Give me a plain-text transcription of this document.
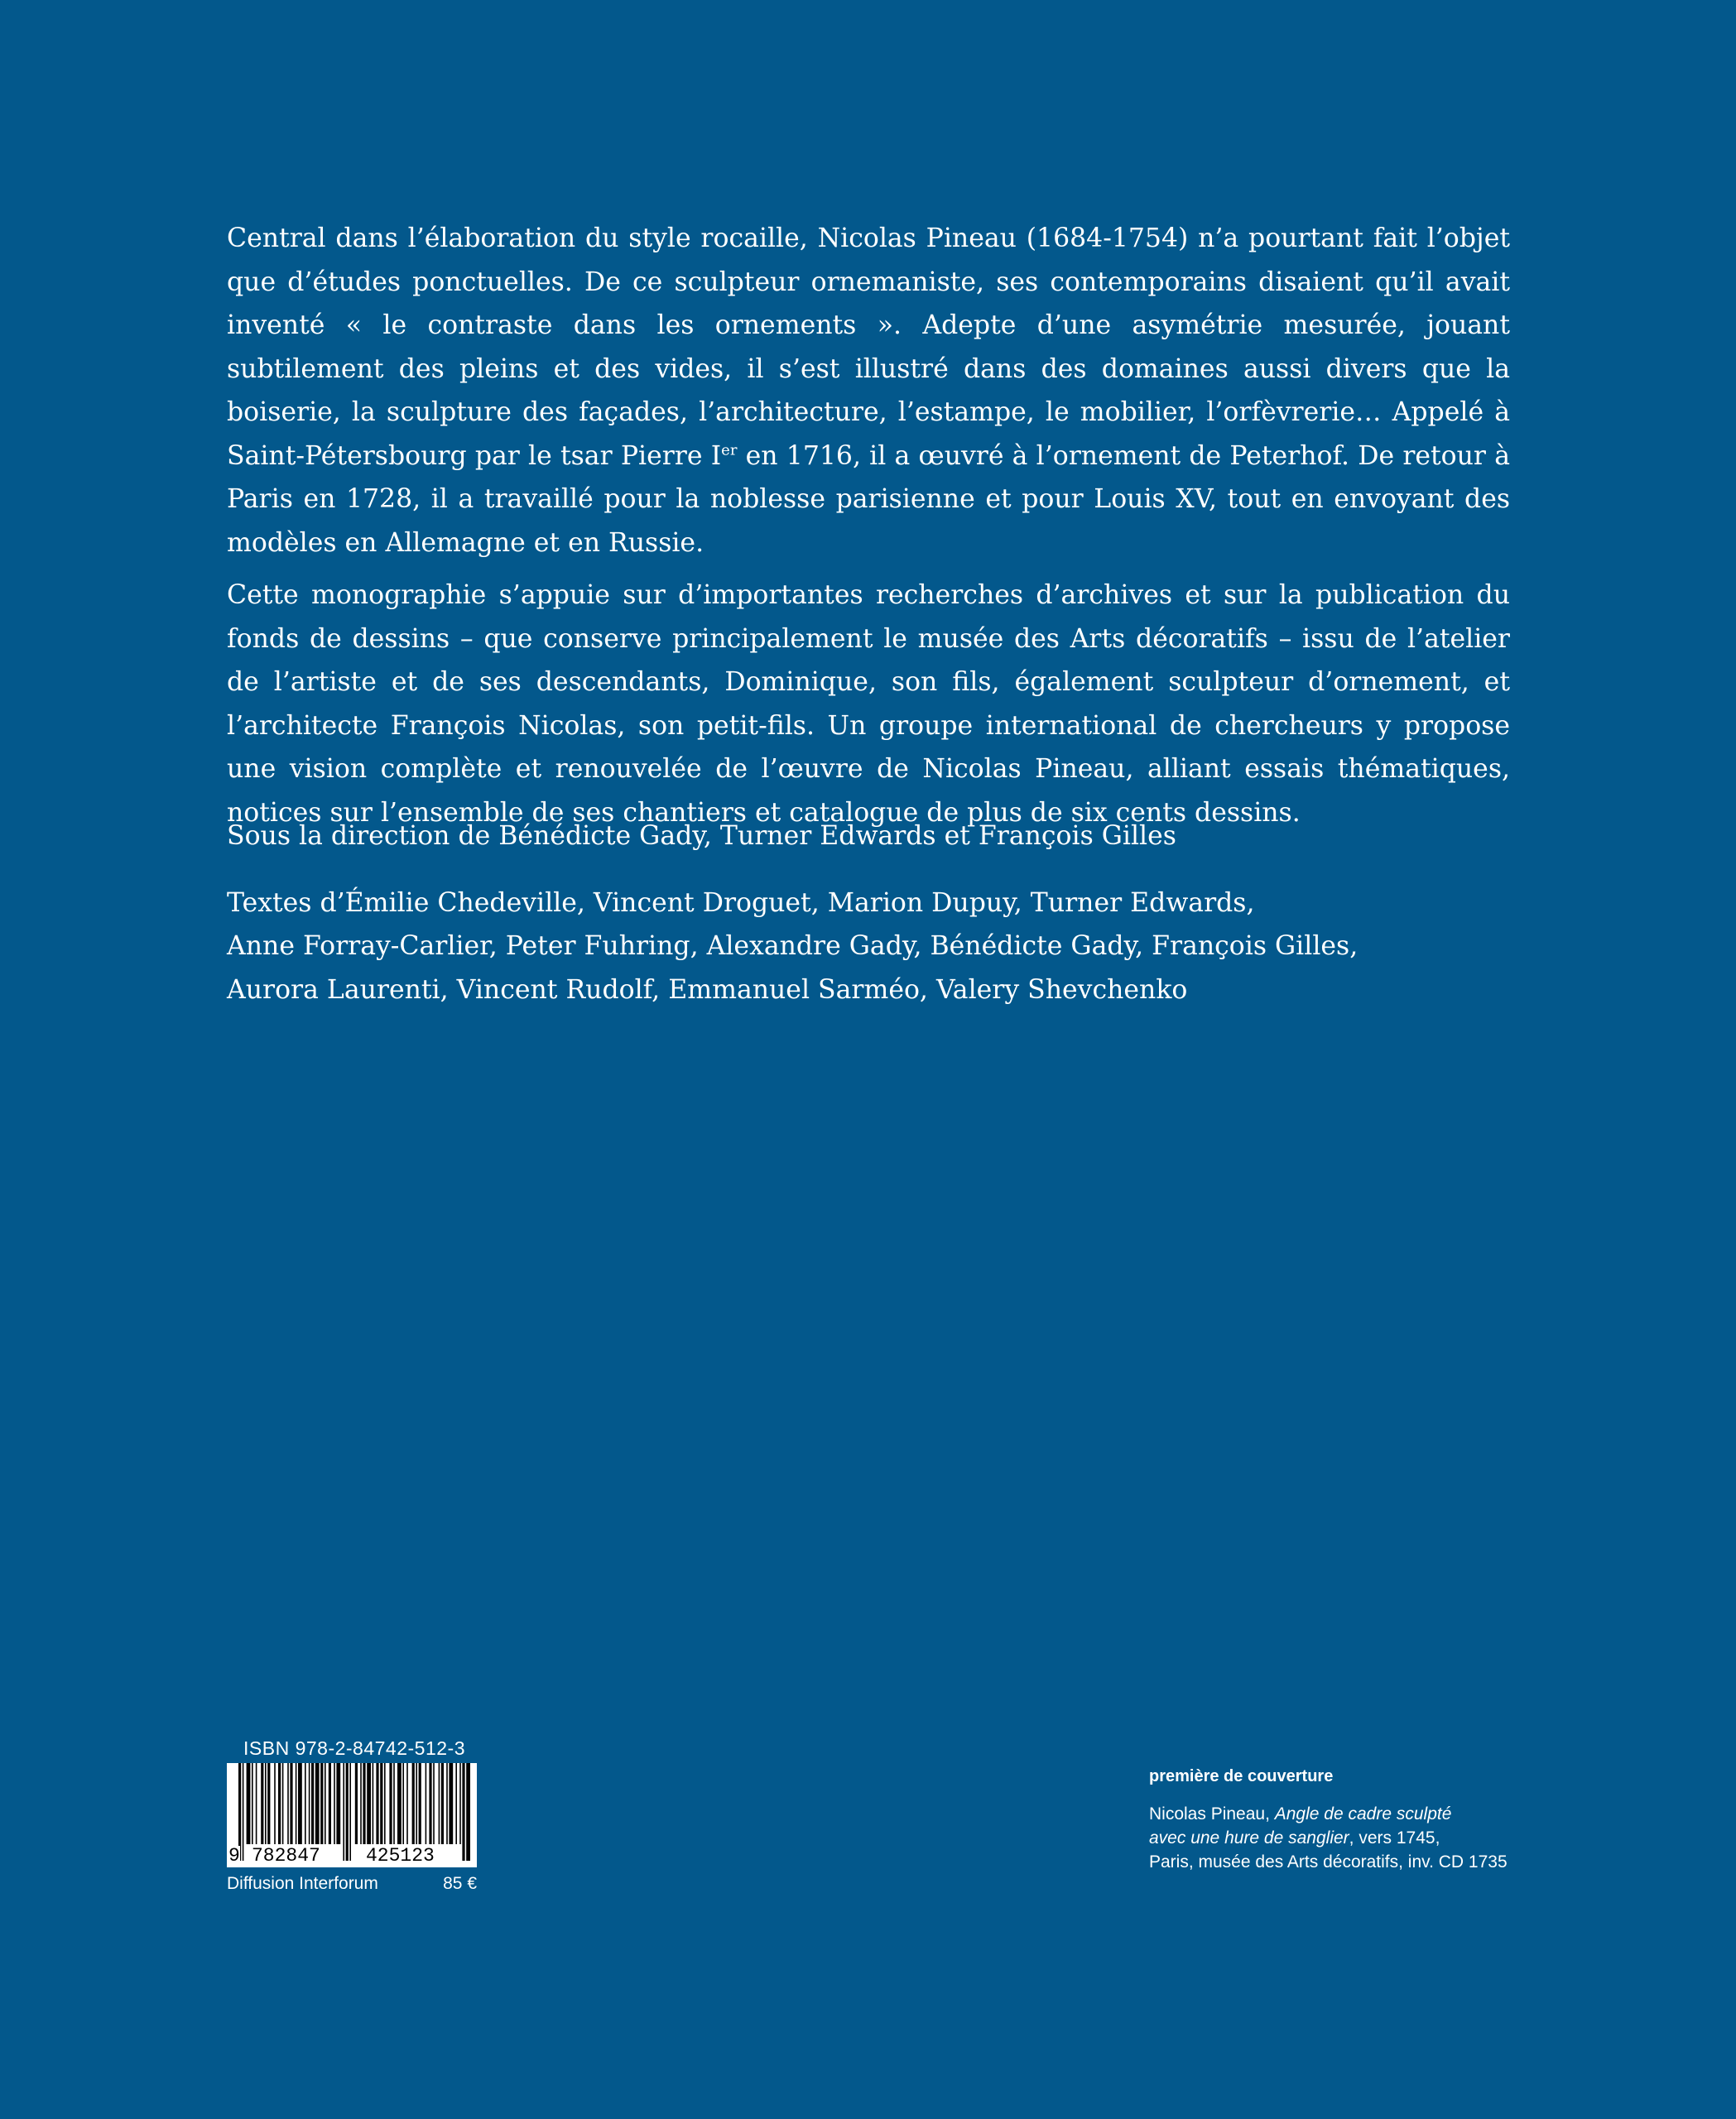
Central dans l’élaboration du style rocaille, Nicolas Pineau (1684-1754) n’a pourtant fait l’objet que d’études ponctuelles. De ce sculpteur ornemaniste, ses contemporains disaient qu’il avait inventé « le contraste dans les ornements ». Adepte d’une asymétrie mesurée, jouant subtilement des pleins et des vides, il s’est illustré dans des domaines aussi divers que la boiserie, la sculpture des façades, l’architecture, l’estampe, le mobilier, l’orfèvrerie… Appelé à Saint-Pétersbourg par le tsar Pierre Ier en 1716, il a œuvré à l’ornement de Peterhof. De retour à Paris en 1728, il a travaillé pour la noblesse parisienne et pour Louis XV, tout en envoyant des modèles en Allemagne et en Russie.

Cette monographie s’appuie sur d’importantes recherches d’archives et sur la publication du fonds de dessins – que conserve principalement le musée des Arts décoratifs – issu de l’atelier de l’artiste et de ses descendants, Dominique, son fils, également sculpteur d’ornement, et l’architecte François Nicolas, son petit-fils. Un groupe international de chercheurs y propose une vision complète et renouvelée de l’œuvre de Nicolas Pineau, alliant essais thématiques, notices sur l’ensemble de ses chantiers et catalogue de plus de six cents dessins.

Sous la direction de Bénédicte Gady, Turner Edwards et François Gilles

Textes d’Émilie Chedeville, Vincent Droguet, Marion Dupuy, Turner Edwards,
Anne Forray-Carlier, Peter Fuhring, Alexandre Gady, Bénédicte Gady, François Gilles,
Aurora Laurenti, Vincent Rudolf, Emmanuel Sarméo, Valery Shevchenko

ISBN 978-2-84742-512-3
9 782847 425123
Diffusion Interforum	85 €
première de couverture
Nicolas Pineau, Angle de cadre sculpté
avec une hure de sanglier, vers 1745,
Paris, musée des Arts décoratifs, inv. CD 1735
